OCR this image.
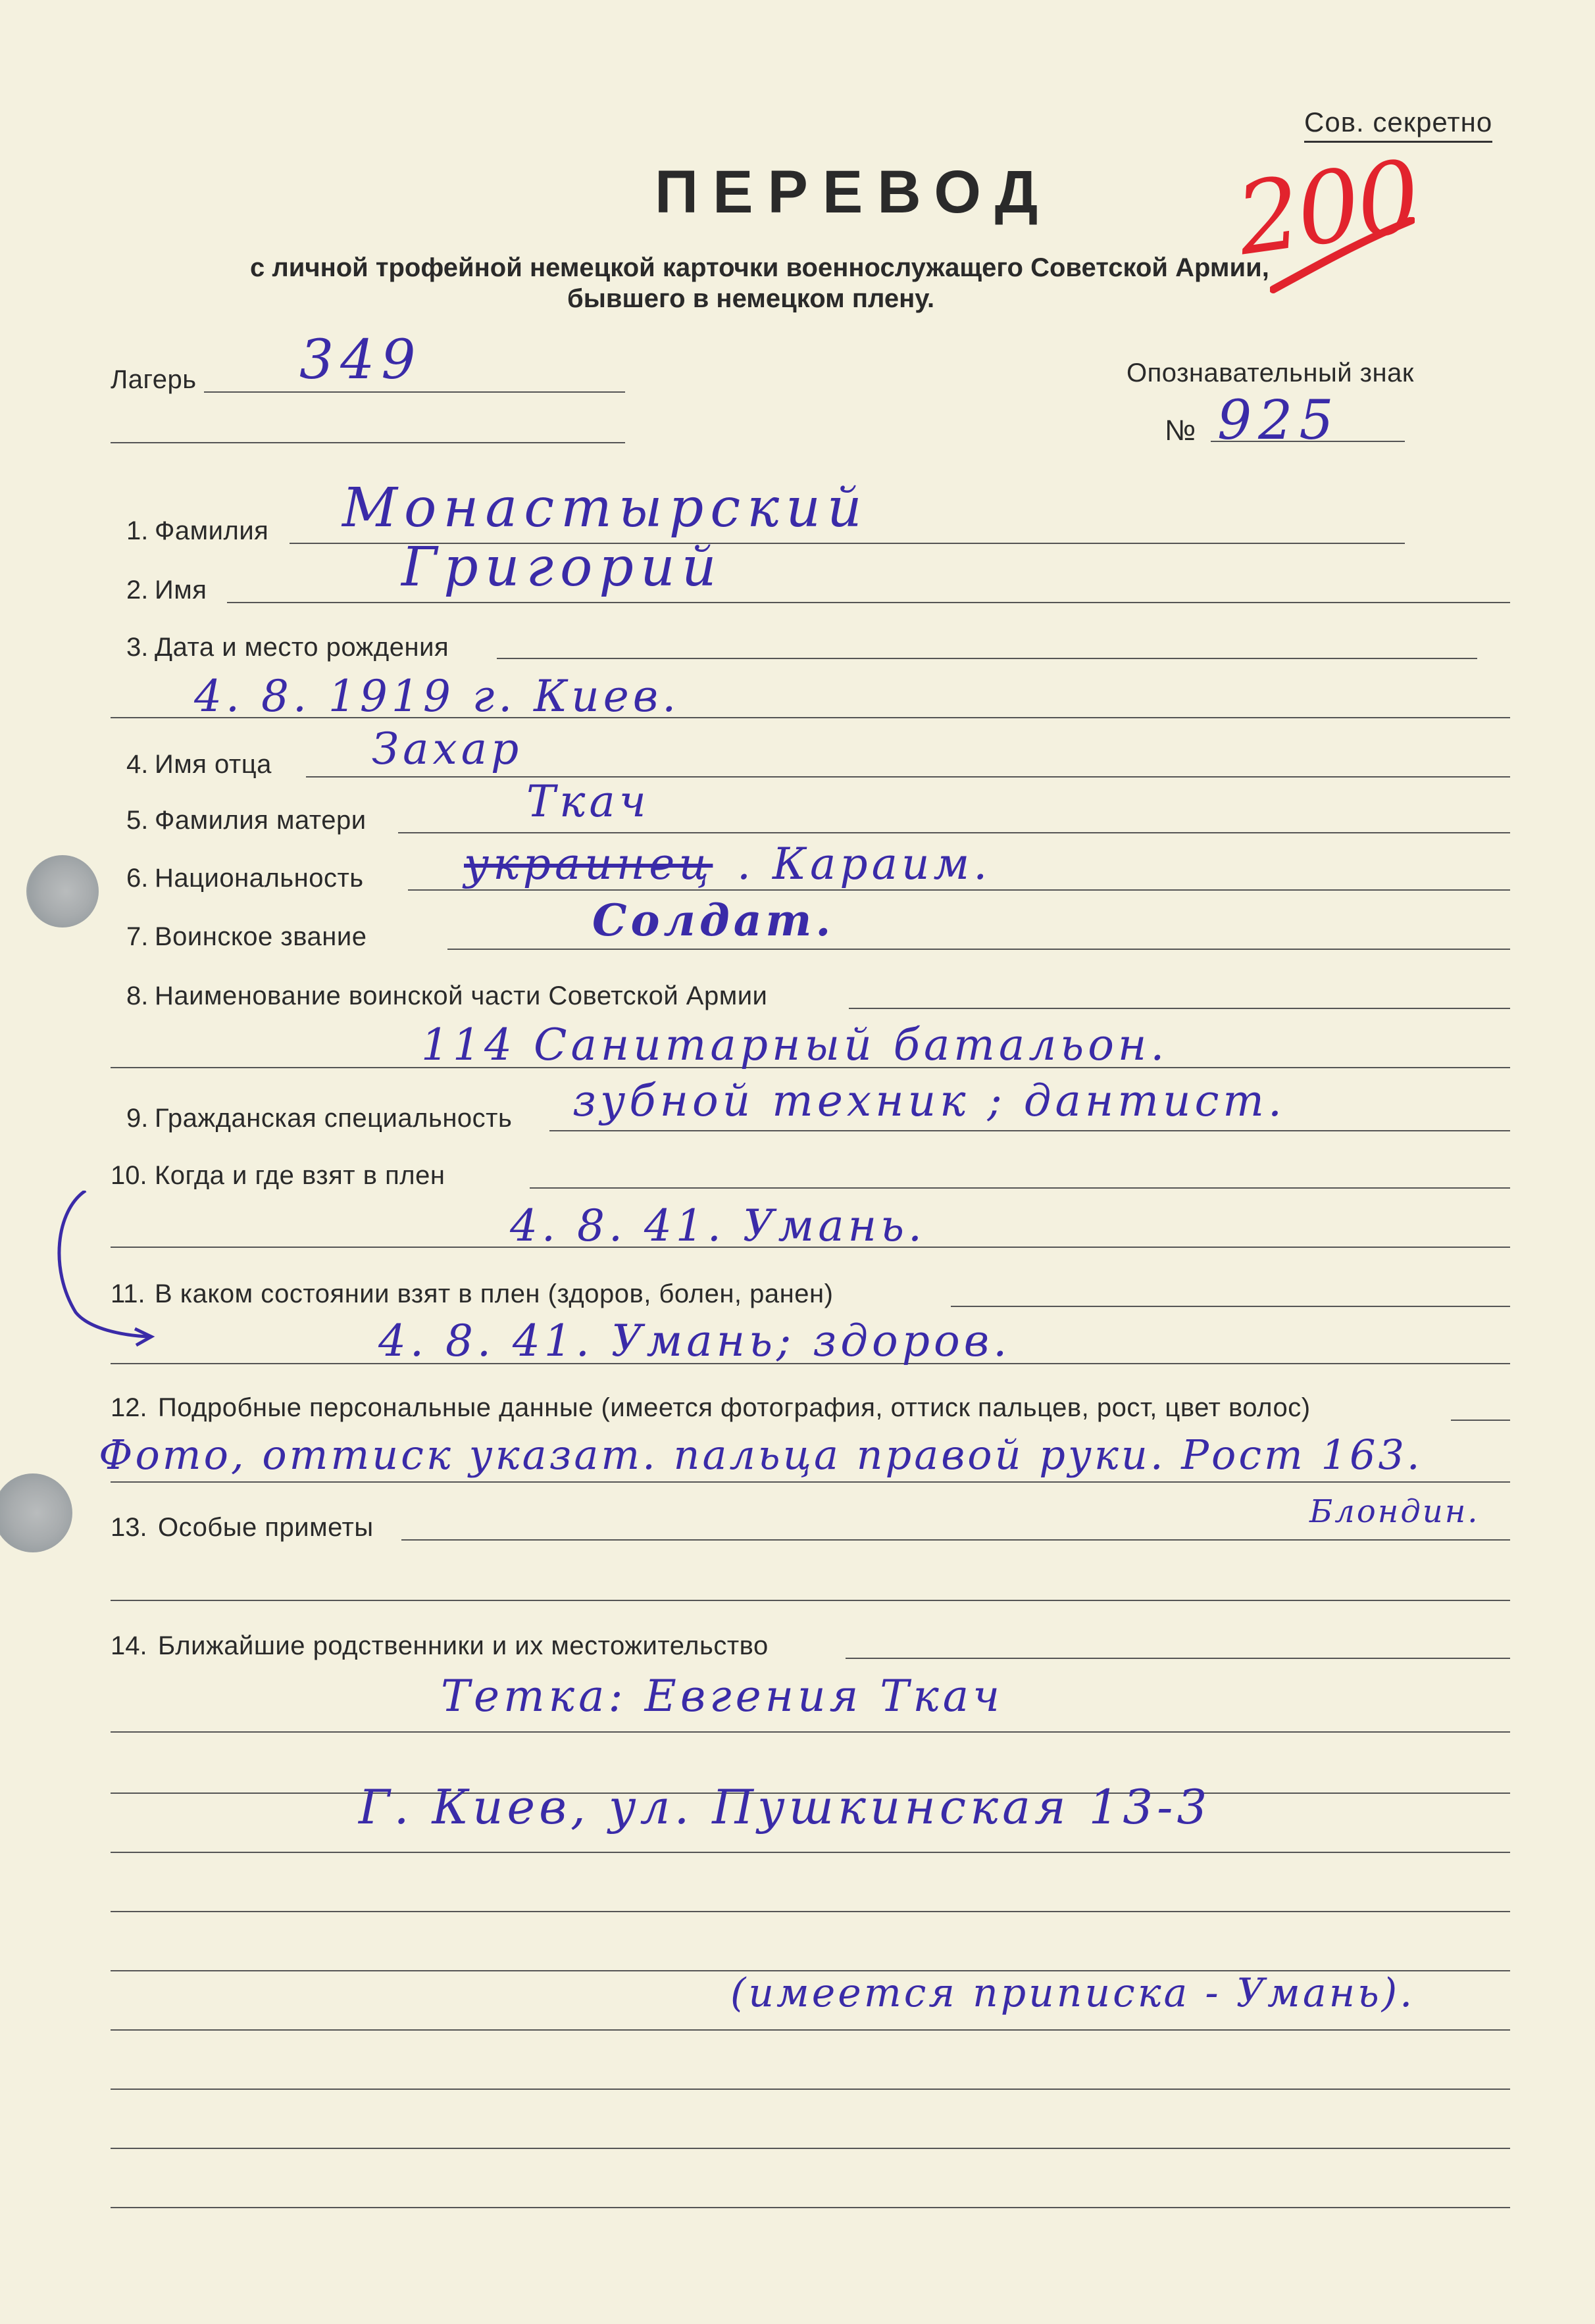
Сов. секретно
ПЕРЕВОД
с личной трофейной немецкой карточки военнослужащего Советской Армии,
бывшего в немецком плену.
200
Лагерь 349	Опознавательный знак
№ 925
1. Фамилия Монастырский
2. Имя	Григорий
3. Дата и место рождения
4. 8. 1919 г. Киев.
4. Имя отца Захар
5. Фамилия матери	Ткач
6. Национальность украинец . Караим.
7. Воинское звание	Солдат.
8. Наименование воинской части Советской Армии
114 Санитарный батальон.
9. Гражданская специальность зубной техник ; дантист.
10. Когда и где взят в плен
4. 8. 41. Умань.
11. В каком состоянии взят в плен (здоров, болен, ранен)
4. 8. 41. Умань; здоров.
12. Подробные персональные данные (имеется фотография, оттиск пальцев, рост, цвет волос)
Фото, оттиск указат. пальца правой руки. Рост 163.
13. Особые приметы	Блондин.
14. Ближайшие родственники и их местожительство
Тетка: Евгения Ткач
Г. Киев, ул. Пушкинская 13-3
(имеется приписка - Умань).
